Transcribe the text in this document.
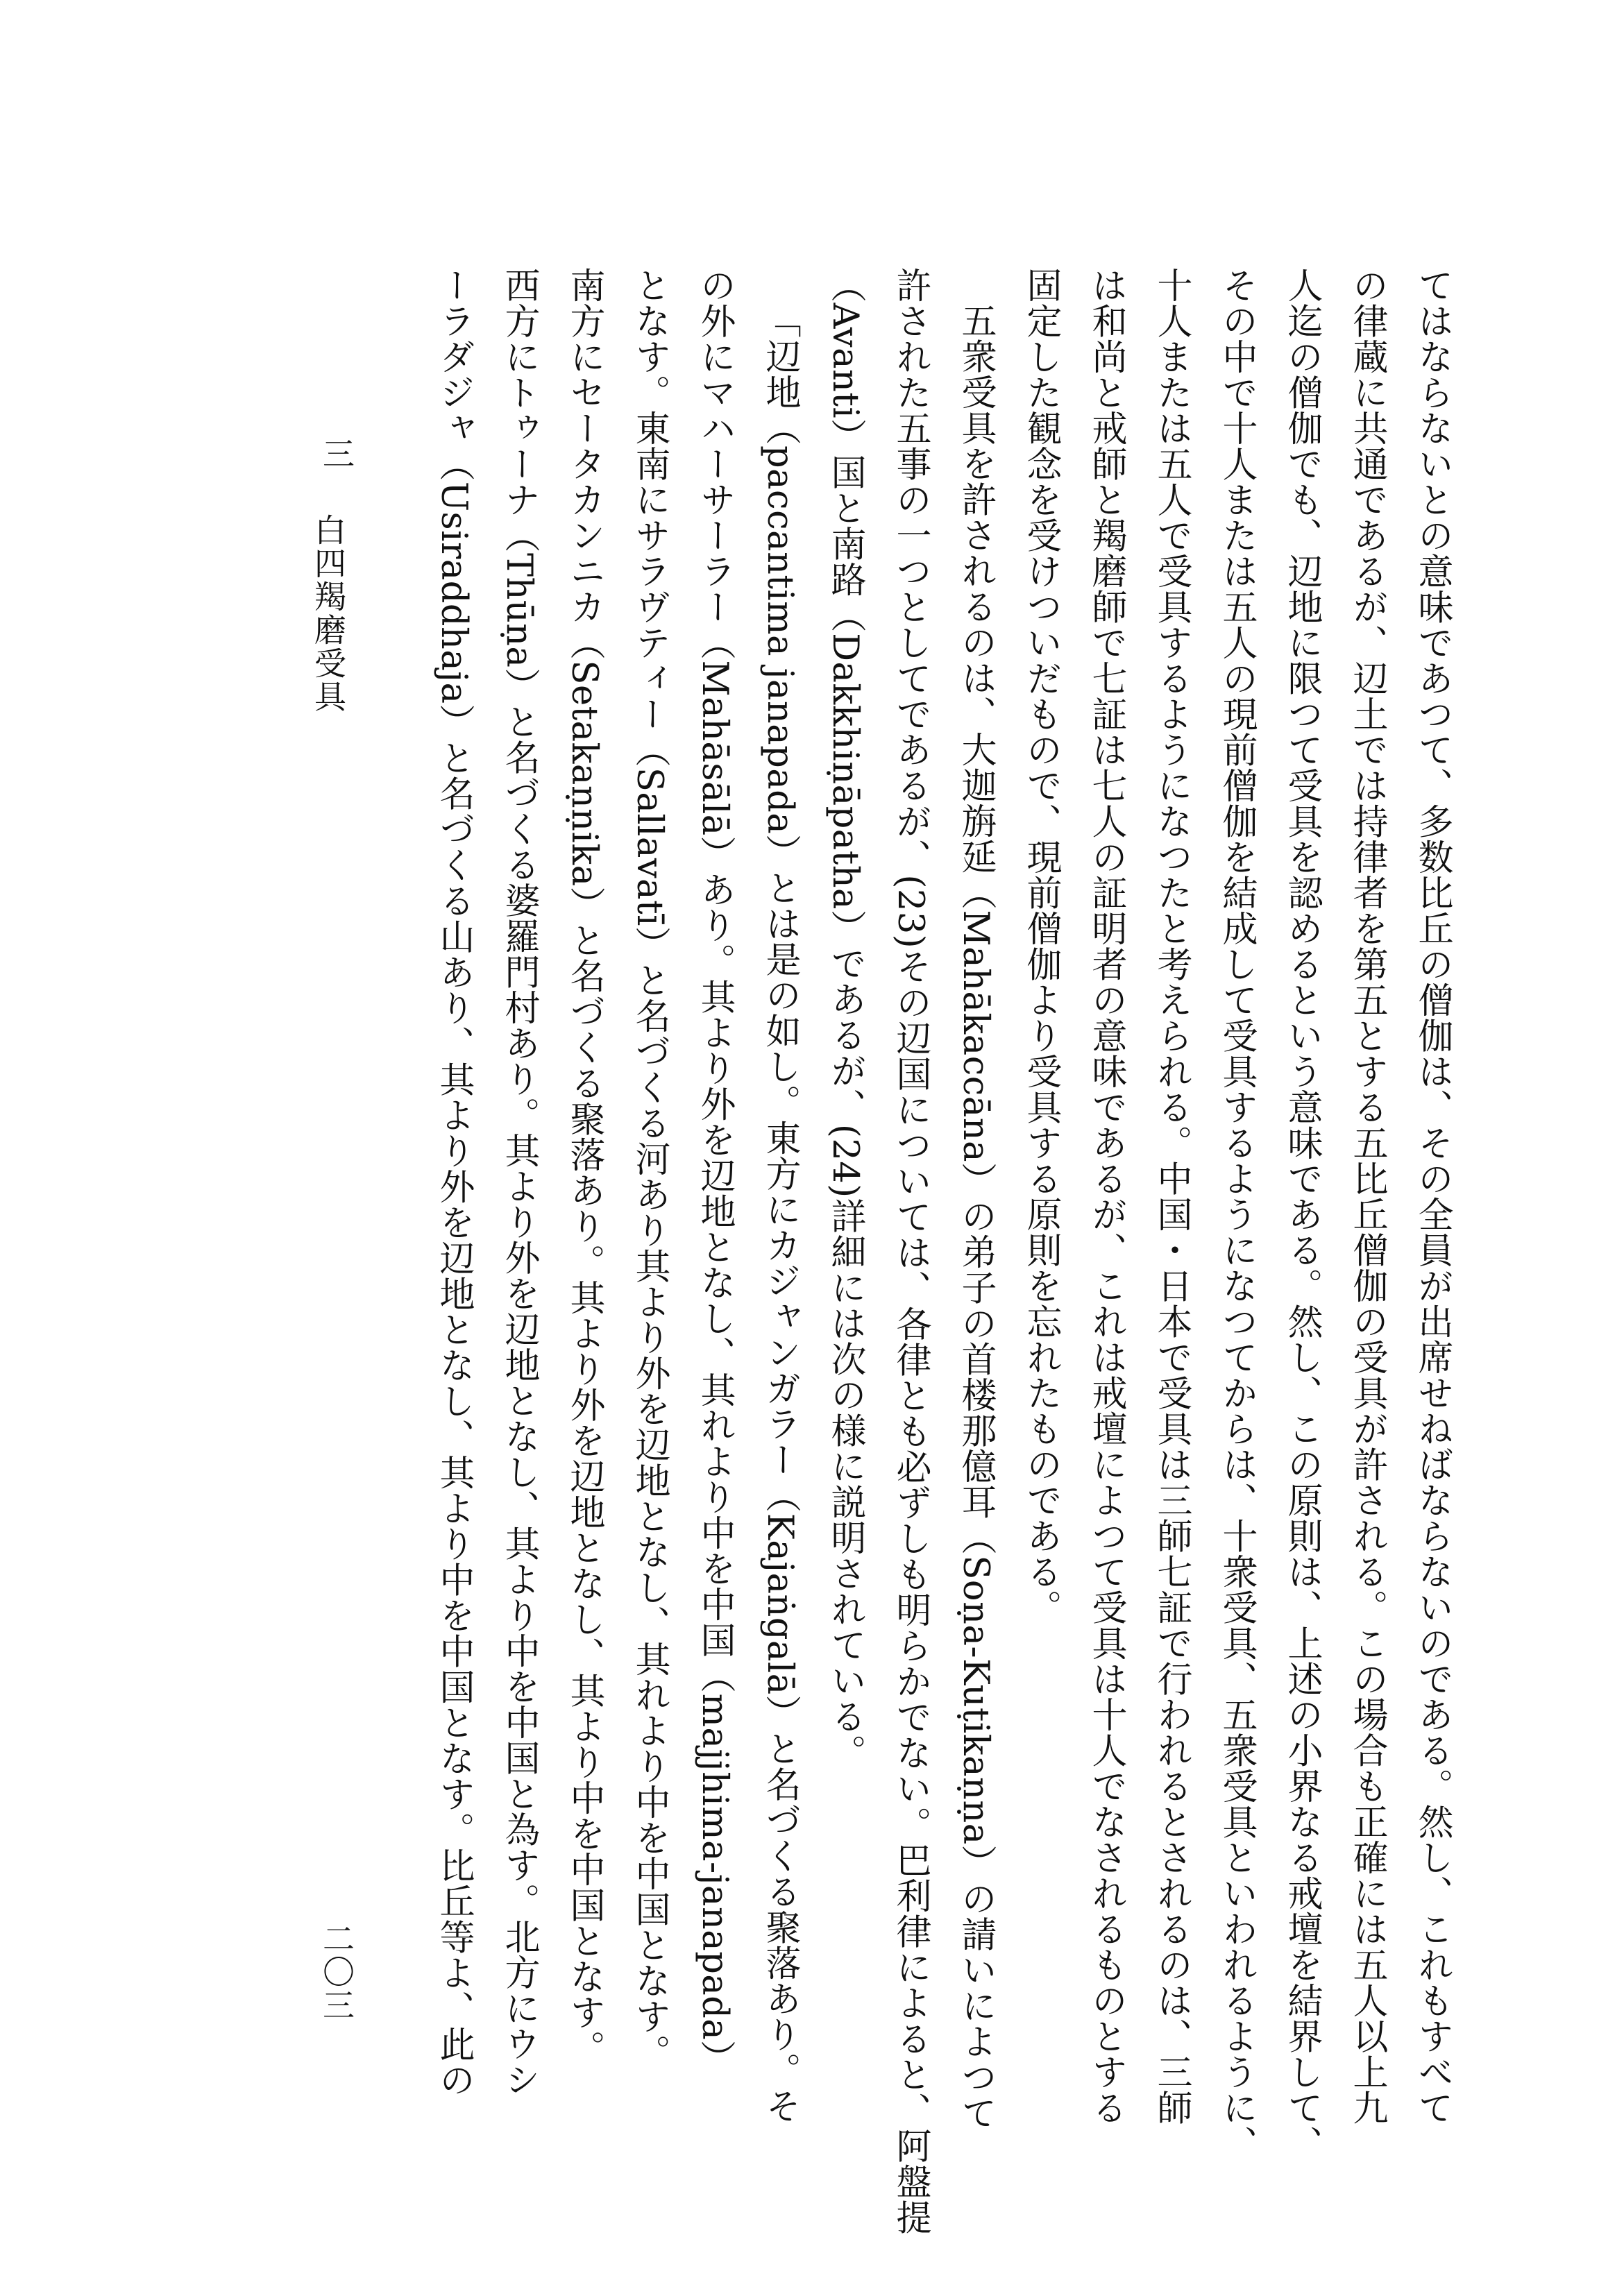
てはならないとの意味であつて、多数比丘の僧伽は、その全員が出席せねばならないのである。然し、これもすべて

の律蔵に共通であるが、辺土では持律者を第五とする五比丘僧伽の受具が許される。この場合も正確には五人以上九

人迄の僧伽でも、辺地に限つて受具を認めるという意味である。然し、この原則は、上述の小界なる戒壇を結界して、

その中で十人または五人の現前僧伽を結成して受具するようになつてからは、十衆受具、五衆受具といわれるように、

十人または五人で受具するようになつたと考えられる。中国・日本で受具は三師七証で行われるとされるのは、三師

は和尚と戒師と羯磨師で七証は七人の証明者の意味であるが、これは戒壇によつて受具は十人でなされるものとする

固定した観念を受けついだもので、現前僧伽より受具する原則を忘れたものである。

五衆受具を許されるのは、大迦旃延（Mahākaccāna）の弟子の首楼那億耳（Soṇa-Kuṭikaṇṇa）の請いによつて

許された五事の一つとしてであるが、(23)その辺国については、各律とも必ずしも明らかでない。巴利律によると、阿盤提

（Avanti）国と南路（Dakkhiṇāpatha）であるが、(24)詳細には次の様に説明されている。

「辺地（paccantima janapada）とは是の如し。東方にカジャンガラー（Kajaṅgalā）と名づくる聚落あり。そ

の外にマハーサーラー（Mahāsālā）あり。其より外を辺地となし、其れより中を中国（majjhima-janapada）

となす。東南にサラヴティー（Sallavatī）と名づくる河あり其より外を辺地となし、其れより中を中国となす。

南方にセータカンニカ（Setakaṇṇika）と名づくる聚落あり。其より外を辺地となし、其より中を中国となす。

西方にトゥーナ（Thūṇa）と名づくる婆羅門村あり。其より外を辺地となし、其より中を中国と為す。北方にウシ

ーラダジャ（Usiraddhaja）と名づくる山あり、其より外を辺地となし、其より中を中国となす。比丘等よ、此の

三
白四羯磨受具
二〇三
